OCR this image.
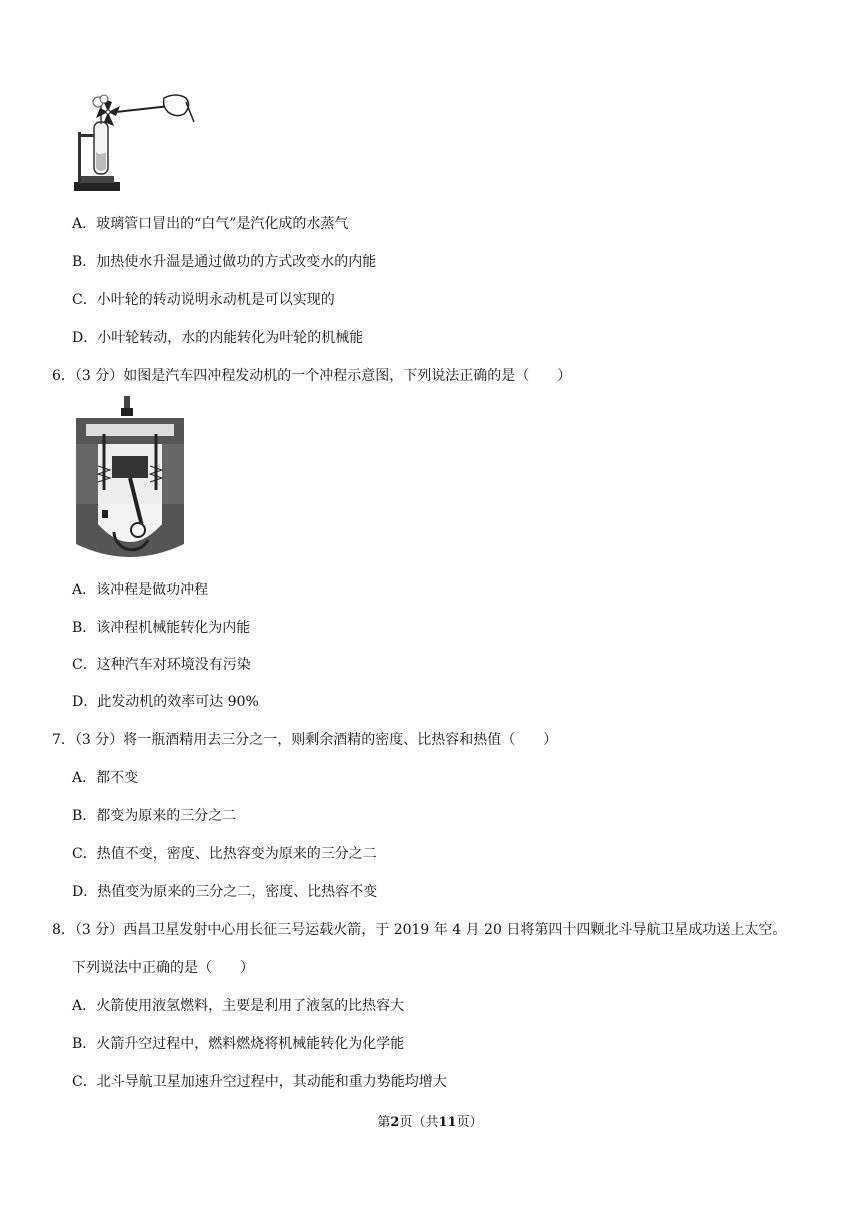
A．玻璃管口冒出的“白气”是汽化成的水蒸气
B．加热使水升温是通过做功的方式改变水的内能
C．小叶轮的转动说明永动机是可以实现的
D．小叶轮转动，水的内能转化为叶轮的机械能
6．（3 分）如图是汽车四冲程发动机的一个冲程示意图，下列说法正确的是（　　）
A．该冲程是做功冲程
B．该冲程机械能转化为内能
C．这种汽车对环境没有污染
D．此发动机的效率可达 90%
7．（3 分）将一瓶酒精用去三分之一，则剩余酒精的密度、比热容和热值（　　）
A．都不变
B．都变为原来的三分之二
C．热值不变，密度、比热容变为原来的三分之二
D．热值变为原来的三分之二，密度、比热容不变
8．（3 分）西昌卫星发射中心用长征三号运载火箭，于 2019 年 4 月 20 日将第四十四颗北斗导航卫星成功送上太空。
下列说法中正确的是（　　）
A．火箭使用液氢燃料，主要是利用了液氢的比热容大
B．火箭升空过程中，燃料燃烧将机械能转化为化学能
C．北斗导航卫星加速升空过程中，其动能和重力势能均增大
第2页（共11页）
